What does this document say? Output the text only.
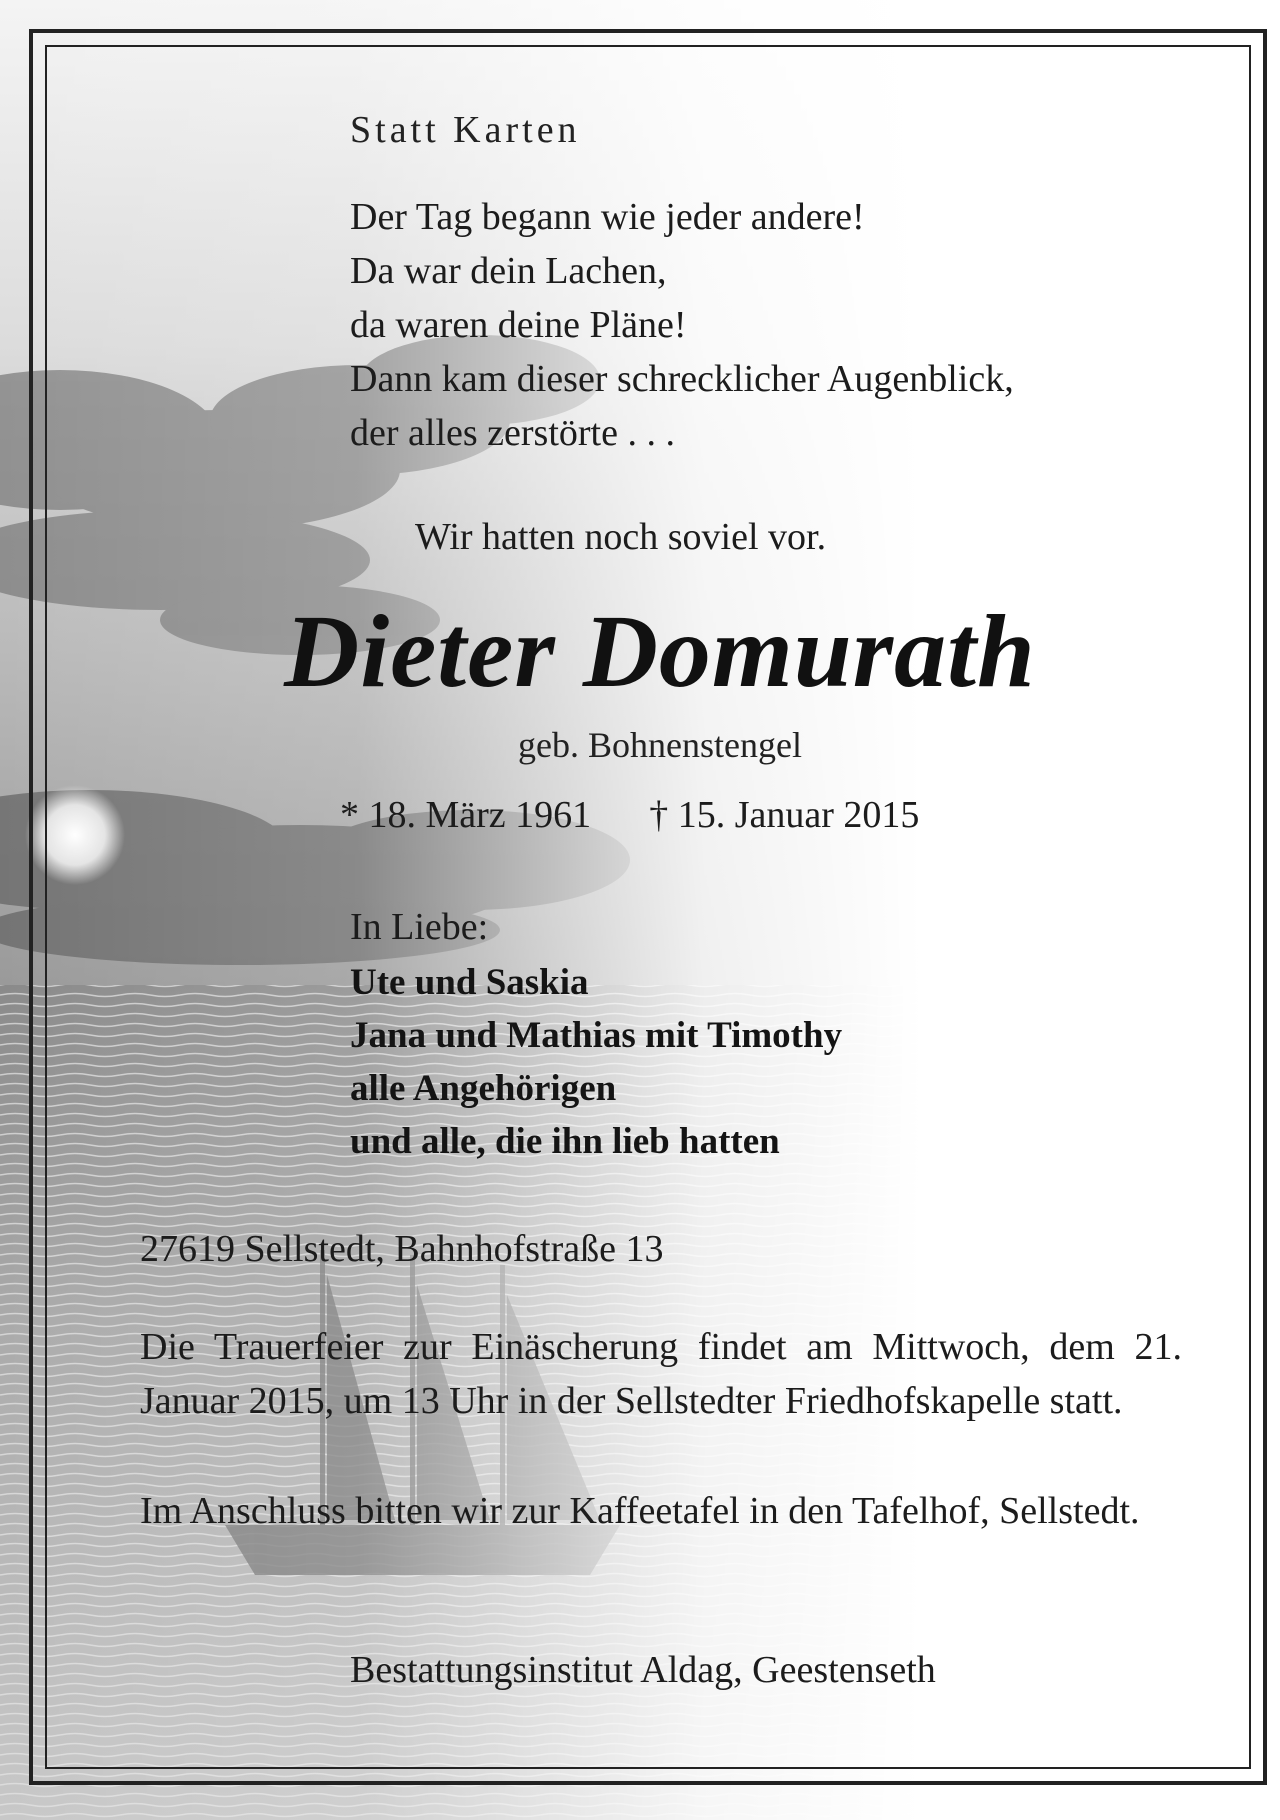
Statt Karten
Der Tag begann wie jeder andere!
Da war dein Lachen,
da waren deine Pläne!
Dann kam dieser schrecklicher Augenblick,
der alles zerstörte . . .
Wir hatten noch soviel vor.
Dieter Domurath
geb. Bohnenstengel
* 18. März 1961 † 15. Januar 2015
In Liebe:
Ute und Saskia
Jana und Mathias mit Timothy
alle Angehörigen
und alle, die ihn lieb hatten
27619 Sellstedt, Bahnhofstraße 13

Die Trauerfeier zur Einäscherung findet am Mittwoch, dem 21. Januar 2015, um 13 Uhr in der Sellstedter Friedhofskapelle statt.

Im Anschluss bitten wir zur Kaffeetafel in den Tafelhof, Sellstedt.

Bestattungsinstitut Aldag, Geestenseth
